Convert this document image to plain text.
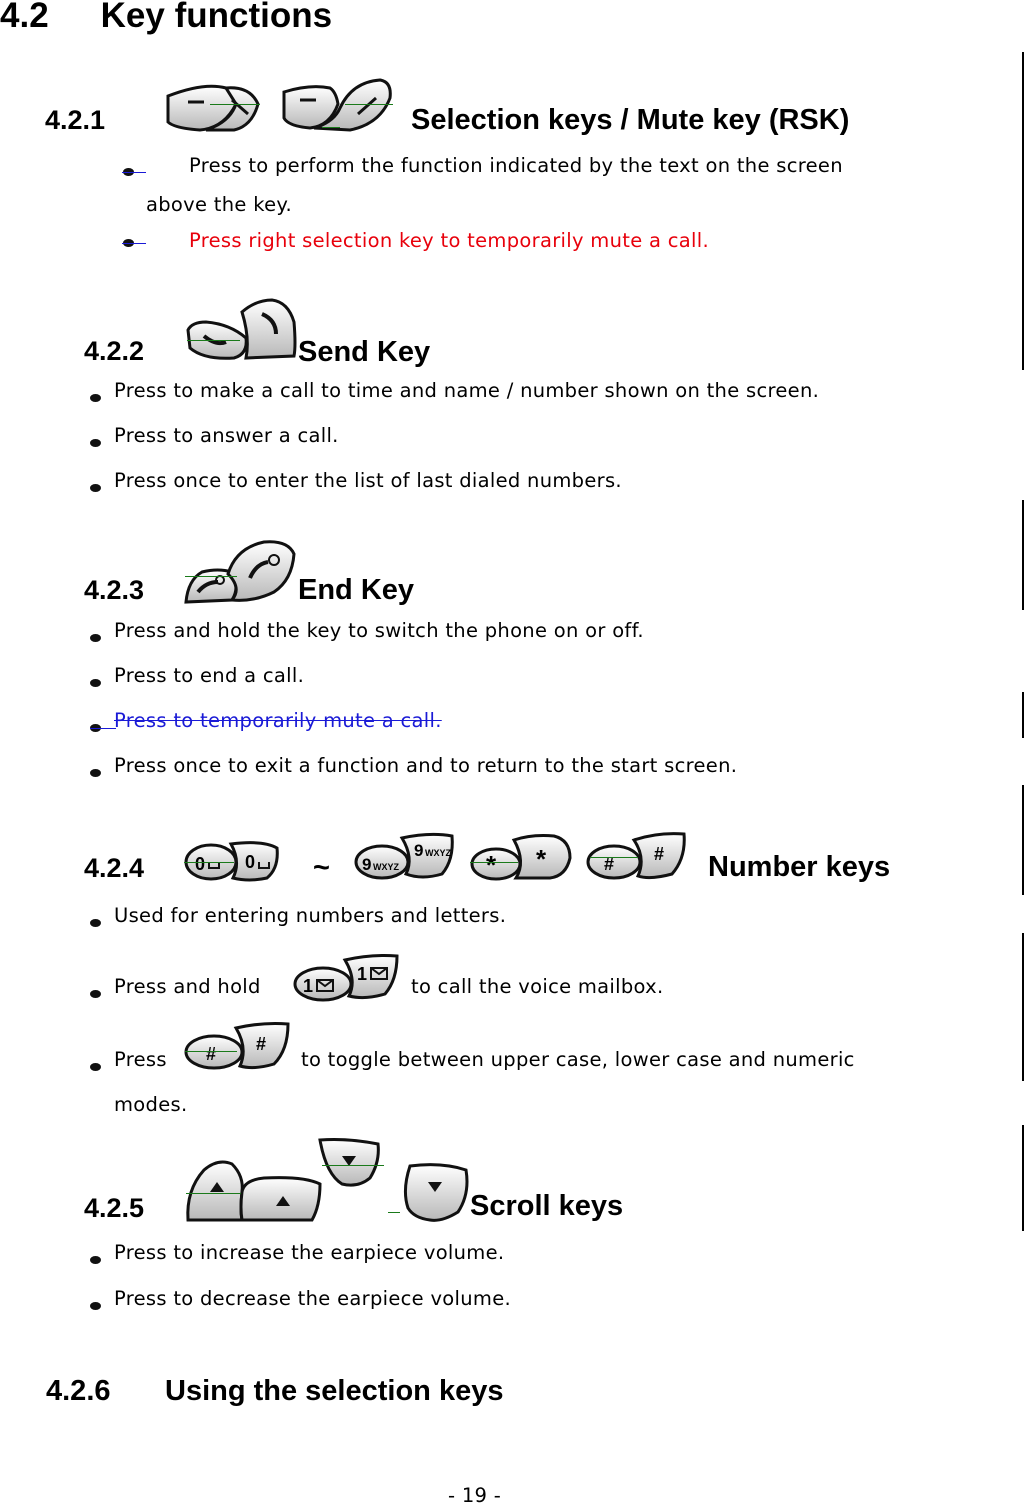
4.2 Key functions
4.2.1	Selection keys / Mute key (RSK)
Press to perform the function indicated by the text on the screen
above the key.
Press right selection key to temporarily mute a call.
4.2.2	Send Key
Press to make a call to time and name / number shown on the screen.
Press to answer a call.
Press once to enter the list of last dialed numbers.
4.2.3	End Key
Press and hold the key to switch the phone on or off.
Press to end a call.
Press to temporarily mute a call.
Press once to exit a function and to return to the start screen.
4.2.4	0 0 ~ 9 WXYZ
9 WXYZ * *	# # Number keys
Used for entering numbers and letters.
Press and hold 1
1
to call the voice mailbox.
Press # #
to toggle between upper case, lower case and numeric
modes.
4.2.5	Scroll keys
Press to increase the earpiece volume.
Press to decrease the earpiece volume.
4.2.6 Using the selection keys
- 19 -
